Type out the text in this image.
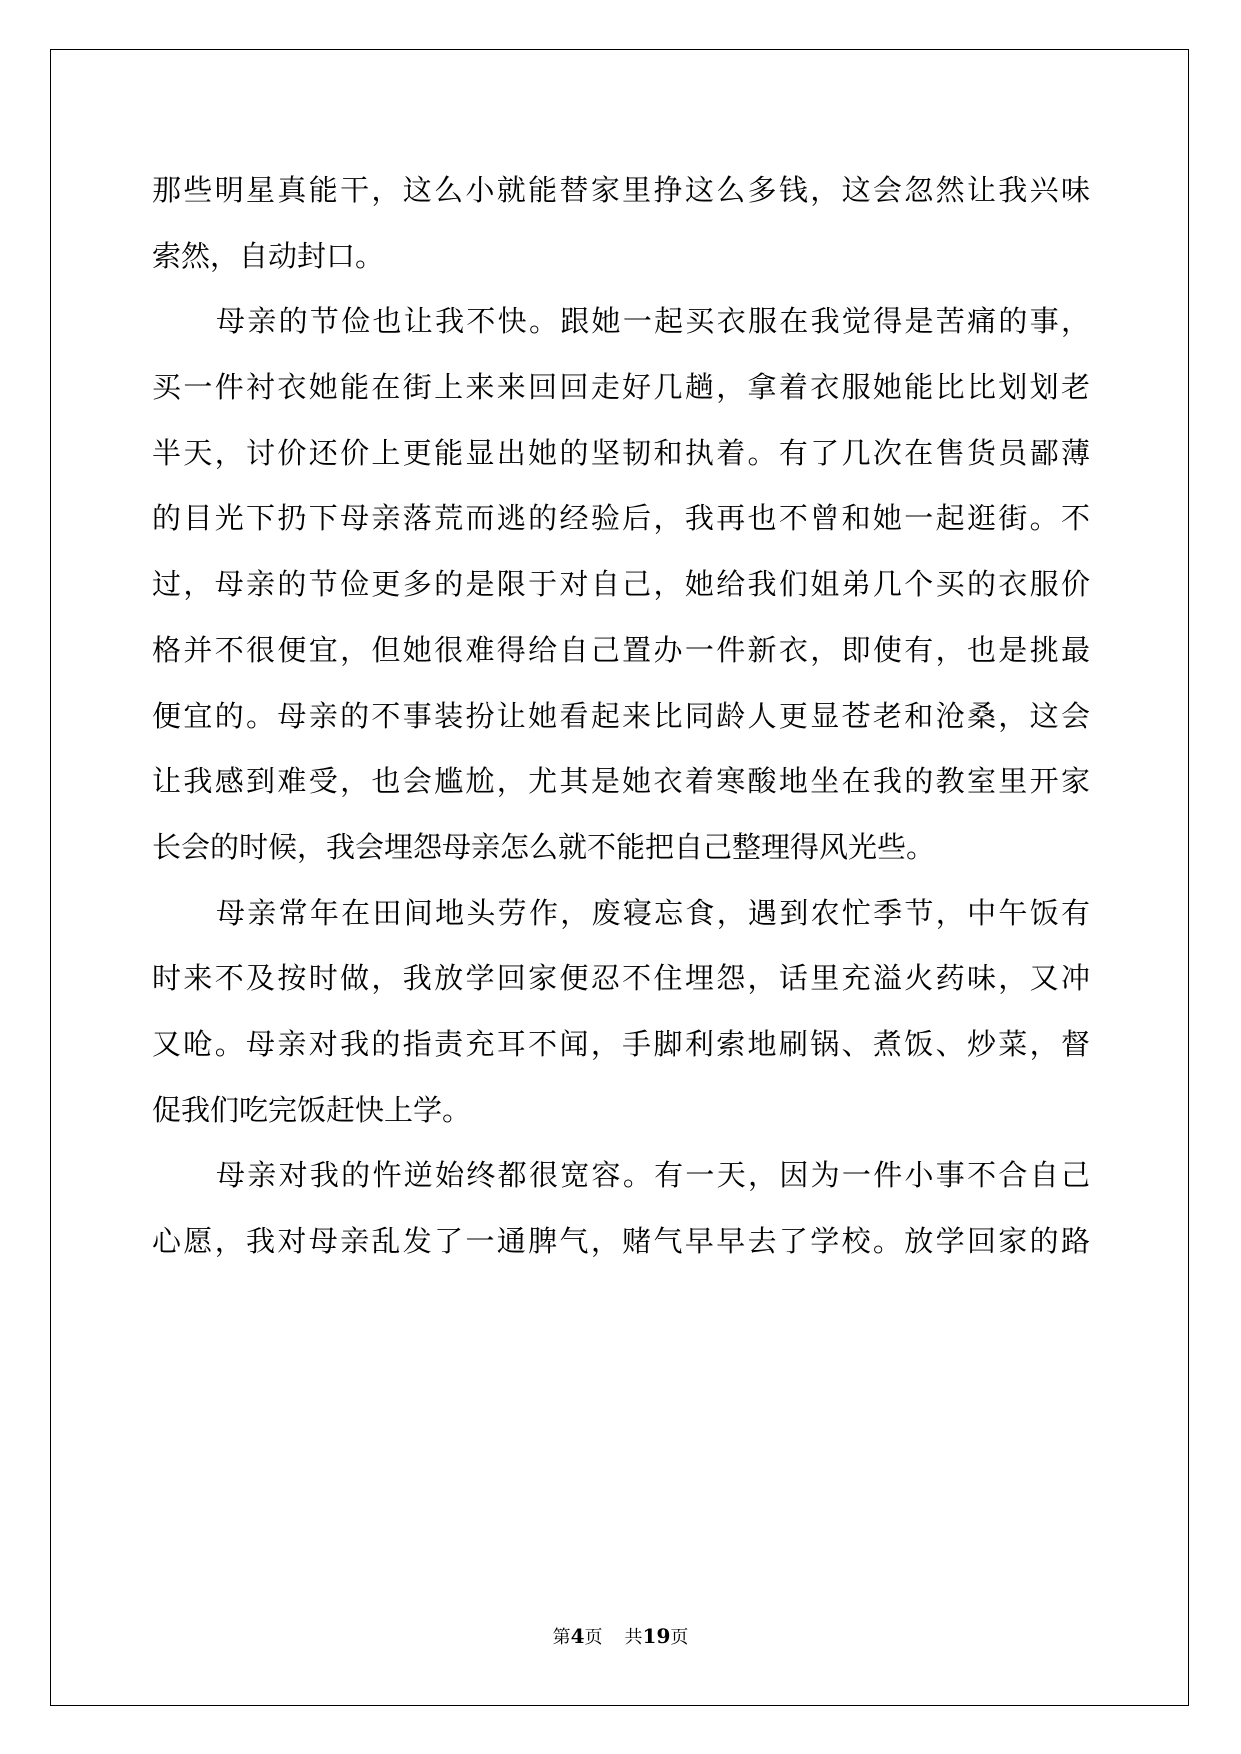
那些明星真能干，这么小就能替家里挣这么多钱，这会忽然让我兴味
索然，自动封口。
母亲的节俭也让我不快。跟她一起买衣服在我觉得是苦痛的事，
买一件衬衣她能在街上来来回回走好几趟，拿着衣服她能比比划划老
半天，讨价还价上更能显出她的坚韧和执着。有了几次在售货员鄙薄
的目光下扔下母亲落荒而逃的经验后，我再也不曾和她一起逛街。不
过，母亲的节俭更多的是限于对自己，她给我们姐弟几个买的衣服价
格并不很便宜，但她很难得给自己置办一件新衣，即使有，也是挑最
便宜的。母亲的不事装扮让她看起来比同龄人更显苍老和沧桑，这会
让我感到难受，也会尴尬，尤其是她衣着寒酸地坐在我的教室里开家
长会的时候，我会埋怨母亲怎么就不能把自己整理得风光些。
母亲常年在田间地头劳作，废寝忘食，遇到农忙季节，中午饭有
时来不及按时做，我放学回家便忍不住埋怨，话里充溢火药味，又冲
又呛。母亲对我的指责充耳不闻，手脚利索地刷锅、煮饭、炒菜，督
促我们吃完饭赶快上学。
母亲对我的忤逆始终都很宽容。有一天，因为一件小事不合自己
心愿，我对母亲乱发了一通脾气，赌气早早去了学校。放学回家的路
第4页 共19页
